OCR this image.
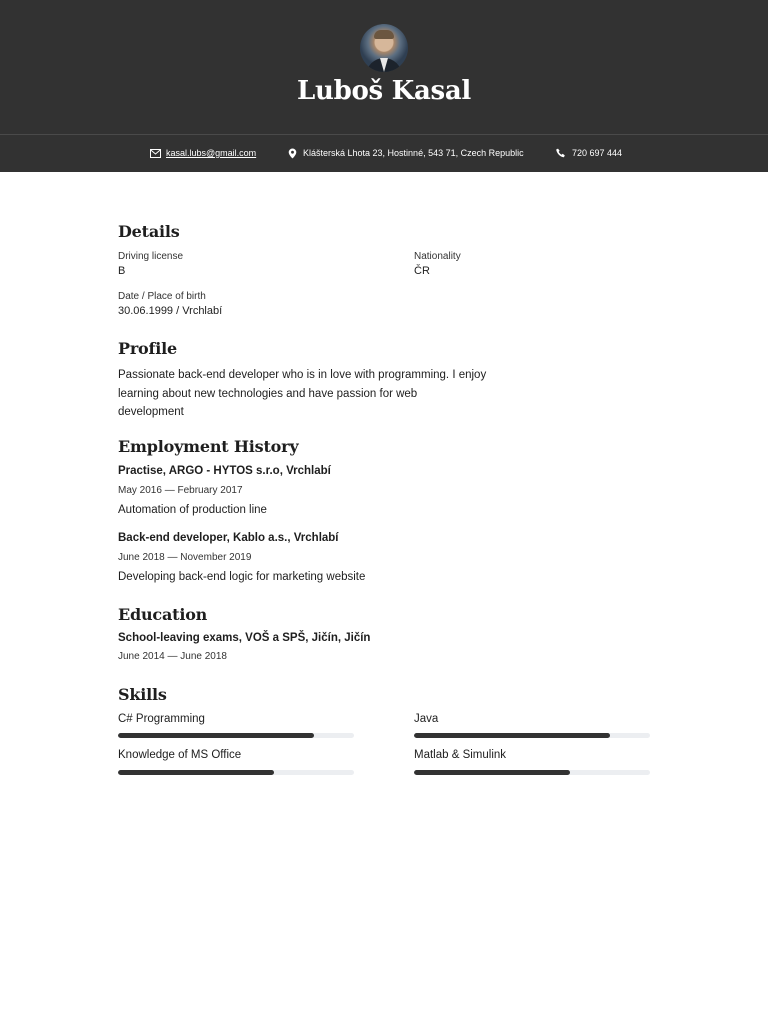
Luboš Kasal
kasal.lubs@gmail.com	Klášterská Lhota 23, Hostinné, 543 71, Czech Republic	720 697 444
Details
Driving license
B
Nationality
ČR
Date / Place of birth
30.06.1999 / Vrchlabí
Profile
Passionate back-end developer who is in love with programming. I enjoy
learning about new technologies and have passion for web
development
Employment History
Practise, ARGO - HYTOS s.r.o, Vrchlabí
May 2016 — February 2017
Automation of production line
Back-end developer, Kablo a.s., Vrchlabí
June 2018 — November 2019
Developing back-end logic for marketing website
Education
School-leaving exams, VOŠ a SPŠ, Jičín, Jičín
June 2014 — June 2018
Skills
C# Programming	Java
Knowledge of MS Office	Matlab & Simulink
